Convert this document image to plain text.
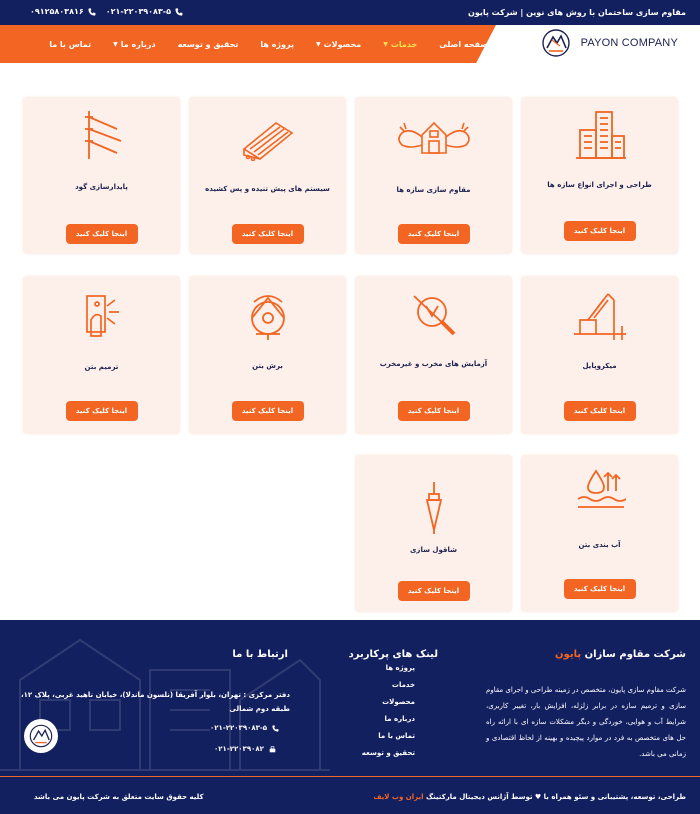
مقاوم سازی ساختمان با روش های نوین | شرکت پایون
۰۹۱۲۵۸۰۳۸۱۶	۰۲۱-۲۲۰۳۹۰۸۳-۵
صفحه اصلی
خدمات
▼
محصولات
▼
پروژه ها
تحقیق و توسعه
درباره ما
▼
تماس با ما	PAYON COMPANY
طراحی و اجرای انواع سازه ها
اینجا کلیک کنید
مقاوم سازی سازه ها
اینجا کلیک کنید
سیستم های پیش تنیده و پس کشیده
اینجا کلیک کنید
پایدارسازی گود
اینجا کلیک کنید
میکروپایل
اینجا کلیک کنید
آزمایش های مخرب و غیرمخرب
اینجا کلیک کنید
برش بتن
اینجا کلیک کنید
ترمیم بتن
اینجا کلیک کنید
آب بندی بتن
اینجا کلیک کنید
شاقول سازی
اینجا کلیک کنید
شرکت مقاوم سازان پایون
شرکت مقاوم سازی پایون، متخصص در زمینه طراحی و اجرای مقاوم سازی و ترمیم سازه در برابر زلزله، افزایش بار، تغییر کاربری، شرایط آب و هوایی، خوردگی و دیگر مشکلات سازه ای با ارائه راه حل های متخصص به فرد در موارد پیچیده و بهینه از لحاظ اقتصادی و زمانی می باشد.
لینک های پرکاربرد
پروژه ها
خدمات
محصولات
درباره ما
تماس با ما
تحقیق و توسعه
ارتباط با ما
دفتر مرکزی : تهران، بلوار آفریقا (نلسون ماندلا)، خیابان ناهید غربی، پلاک ۱۲، طبقه دوم شمالی
۰۲۱-۲۲۰۳۹۰۸۳-۵
۰۲۱-۲۲۰۳۹۰۸۲
طراحی، توسعه، پشتیبانی و سئو همراه با ♥ توسط آژانس دیجیتال مارکتینگ ایران وب لایف
کلیه حقوق سایت متعلق به شرکت پایون می باشد
